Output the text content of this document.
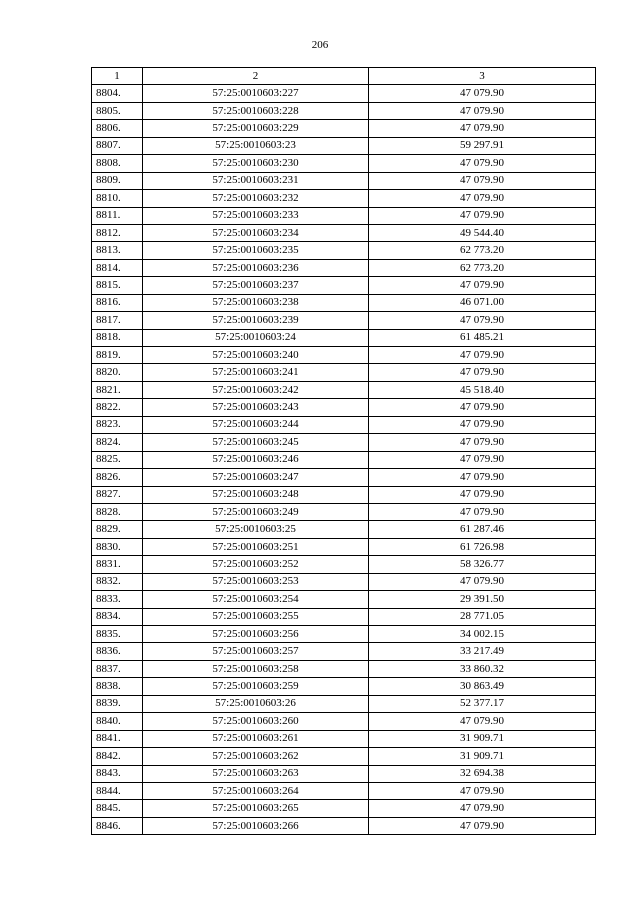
206
1	2	3
8804.	57:25:0010603:227	47 079.90
8805.	57:25:0010603:228	47 079.90
8806.	57:25:0010603:229	47 079.90
8807.	57:25:0010603:23	59 297.91
8808.	57:25:0010603:230	47 079.90
8809.	57:25:0010603:231	47 079.90
8810.	57:25:0010603:232	47 079.90
8811.	57:25:0010603:233	47 079.90
8812.	57:25:0010603:234	49 544.40
8813.	57:25:0010603:235	62 773.20
8814.	57:25:0010603:236	62 773.20
8815.	57:25:0010603:237	47 079.90
8816.	57:25:0010603:238	46 071.00
8817.	57:25:0010603:239	47 079.90
8818.	57:25:0010603:24	61 485.21
8819.	57:25:0010603:240	47 079.90
8820.	57:25:0010603:241	47 079.90
8821.	57:25:0010603:242	45 518.40
8822.	57:25:0010603:243	47 079.90
8823.	57:25:0010603:244	47 079.90
8824.	57:25:0010603:245	47 079.90
8825.	57:25:0010603:246	47 079.90
8826.	57:25:0010603:247	47 079.90
8827.	57:25:0010603:248	47 079.90
8828.	57:25:0010603:249	47 079.90
8829.	57:25:0010603:25	61 287.46
8830.	57:25:0010603:251	61 726.98
8831.	57:25:0010603:252	58 326.77
8832.	57:25:0010603:253	47 079.90
8833.	57:25:0010603:254	29 391.50
8834.	57:25:0010603:255	28 771.05
8835.	57:25:0010603:256	34 002.15
8836.	57:25:0010603:257	33 217.49
8837.	57:25:0010603:258	33 860.32
8838.	57:25:0010603:259	30 863.49
8839.	57:25:0010603:26	52 377.17
8840.	57:25:0010603:260	47 079.90
8841.	57:25:0010603:261	31 909.71
8842.	57:25:0010603:262	31 909.71
8843.	57:25:0010603:263	32 694.38
8844.	57:25:0010603:264	47 079.90
8845.	57:25:0010603:265	47 079.90
8846.	57:25:0010603:266	47 079.90
